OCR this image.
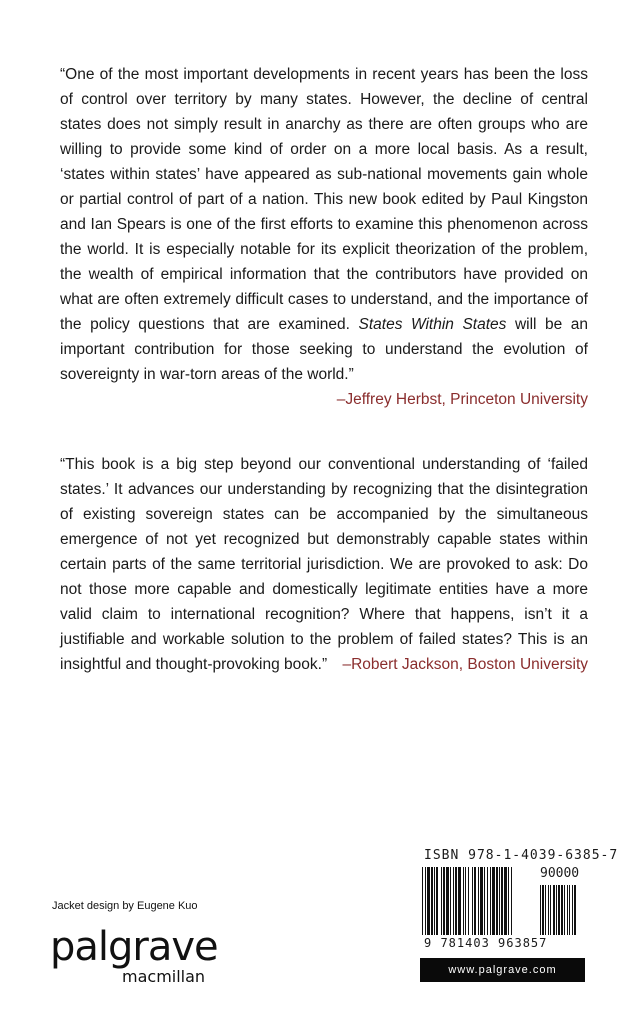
“One of the most important developments in recent years has been the loss of control over territory by many states. However, the decline of central states does not simply result in anarchy as there are often groups who are willing to provide some kind of order on a more local basis. As a result, ‘states within states’ have appeared as sub-national movements gain whole or partial control of part of a nation. This new book edited by Paul Kingston and Ian Spears is one of the first efforts to examine this phenomenon across the world. It is especially notable for its explicit theorization of the problem, the wealth of empirical information that the contributors have provided on what are often extremely difficult cases to understand, and the importance of the policy questions that are examined. States Within States will be an important contribution for those seeking to understand the evolution of sovereignty in war-torn areas of the world.”
–Jeffrey Herbst, Princeton University

“This book is a big step beyond our conventional understanding of ‘failed states.’ It advances our understanding by recognizing that the disintegration of existing sovereign states can be accompanied by the simultaneous emergence of not yet recognized but demonstrably capable states within certain parts of the same territorial jurisdiction. We are provoked to ask: Do not those more capable and domestically legitimate entities have a more valid claim to international recognition? Where that happens, isn’t it a justifiable and workable solution to the problem of failed states? This is an insightful and thought-provoking book.” –Robert Jackson, Boston University

Jacket design by Eugene Kuo
palgrave
macmillan
ISBN 978-1-4039-6385-7
90000
9 781403 963857
www.palgrave.com
